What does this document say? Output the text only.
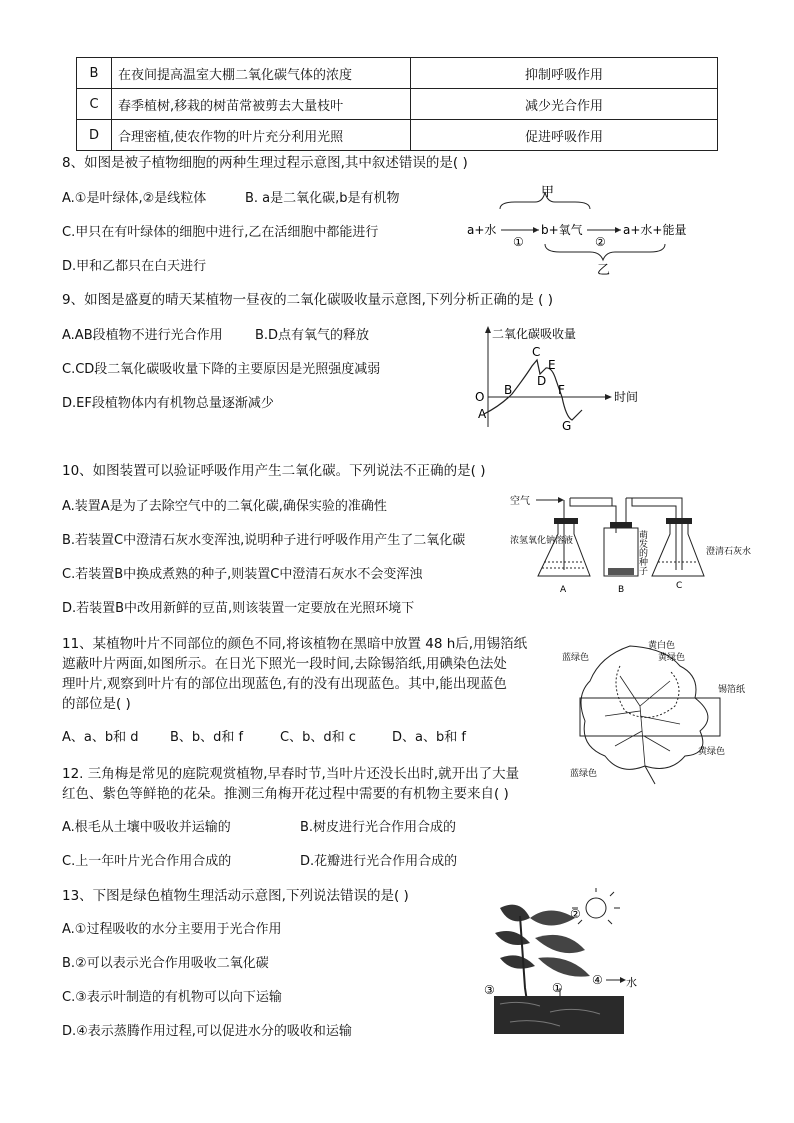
B	在夜间提高温室大棚二氧化碳气体的浓度	抑制呼吸作用
C	春季植树,移栽的树苗常被剪去大量枝叶	减少光合作用
D	合理密植,使农作物的叶片充分利用光照	促进呼吸作用
8、如图是被子植物细胞的两种生理过程示意图,其中叙述错误的是( )
A.①是叶绿体,②是线粒体	B. a是二氧化碳,b是有机物
C.甲只在有叶绿体的细胞中进行,乙在活细胞中都能进行
D.甲和乙都只在白天进行
甲
a+水
①
b+氧气
②
a+水+能量
乙
9、如图是盛夏的晴天某植物一昼夜的二氧化碳吸收量示意图,下列分析正确的是 ( )
A.AB段植物不进行光合作用 B.D点有氧气的释放
C.CD段二氧化碳吸收量下降的主要原因是光照强度减弱
D.EF段植物体内有机物总量逐渐减少
二氧化碳吸收量
时间
O
A
B
C
D
E
F
G
10、如图装置可以验证呼吸作用产生二氧化碳。下列说法不正确的是( )
A.装置A是为了去除空气中的二氧化碳,确保实验的准确性
B.若装置C中澄清石灰水变浑浊,说明种子进行呼吸作用产生了二氧化碳
C.若装置B中换成煮熟的种子,则装置C中澄清石灰水不会变浑浊
D.若装置B中改用新鲜的豆苗,则该装置一定要放在光照环境下
空气
浓氢氧化钠溶液
A
萌发的种子
B
澄清石灰水
C
11、某植物叶片不同部位的颜色不同,将该植物在黑暗中放置 48 h后,用锡箔纸
遮蔽叶片两面,如图所示。在日光下照光一段时间,去除锡箔纸,用碘染色法处
理叶片,观察到叶片有的部位出现蓝色,有的没有出现蓝色。其中,能出现蓝色
的部位是( )
A、a、b和 d B、b、d和 f	C、b、d和 c	D、a、b和 f
黄白色
蓝绿色	黄绿色
锡箔纸
黄绿色
蓝绿色
12. 三角梅是常见的庭院观赏植物,早春时节,当叶片还没长出时,就开出了大量
红色、紫色等鲜艳的花朵。推测三角梅开花过程中需要的有机物主要来自( )
A.根毛从土壤中吸收并运输的	B.树皮进行光合作用合成的
C.上一年叶片光合作用合成的	D.花瓣进行光合作用合成的
13、下图是绿色植物生理活动示意图,下列说法错误的是( )
A.①过程吸收的水分主要用于光合作用
B.②可以表示光合作用吸收二氧化碳
C.③表示叶制造的有机物可以向下运输
D.④表示蒸腾作用过程,可以促进水分的吸收和运输
②
③	①
④ 水
